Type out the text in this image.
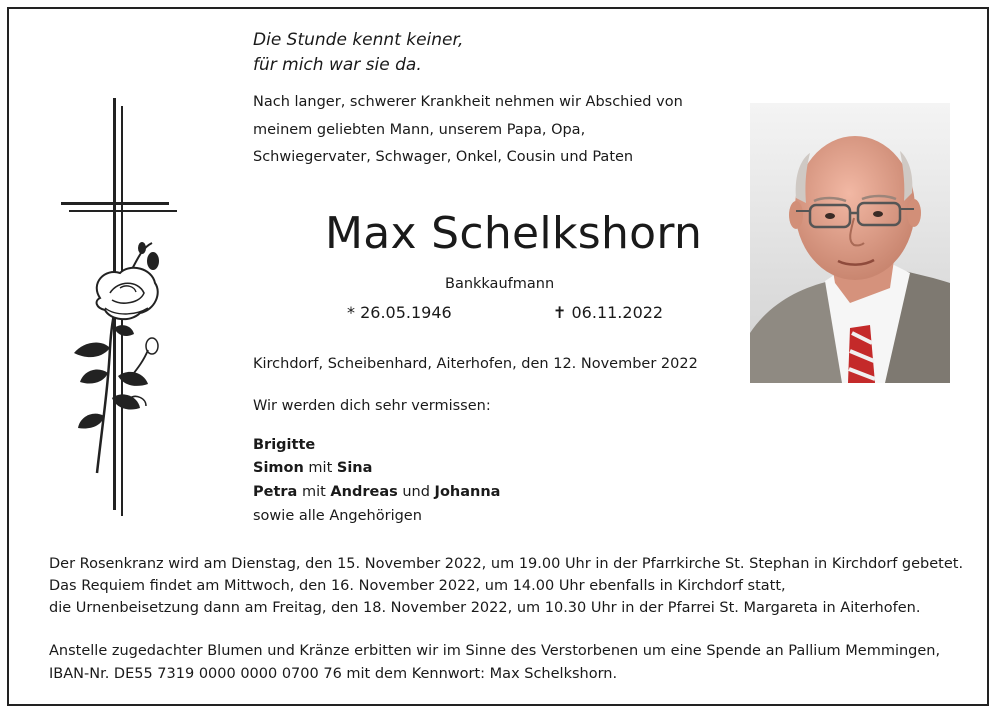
Die Stunde kennt keiner,
für mich war sie da.
Nach langer, schwerer Krankheit nehmen wir Abschied von
meinem geliebten Mann, unserem Papa, Opa,
Schwiegervater, Schwager, Onkel, Cousin und Paten
Max Schelkshorn
Bankkaufmann
* 26.05.1946	✝ 06.11.2022
Kirchdorf, Scheibenhard, Aiterhofen, den 12. November 2022
Wir werden dich sehr vermissen:
Brigitte
Simon mit Sina
Petra mit Andreas und Johanna
sowie alle Angehörigen
Der Rosenkranz wird am Dienstag, den 15. November 2022, um 19.00 Uhr in der Pfarrkirche St. Stephan in Kirchdorf gebetet.
Das Requiem findet am Mittwoch, den 16. November 2022, um 14.00 Uhr ebenfalls in Kirchdorf statt,
die Urnenbeisetzung dann am Freitag, den 18. November 2022, um 10.30 Uhr in der Pfarrei St. Margareta in Aiterhofen.
Anstelle zugedachter Blumen und Kränze erbitten wir im Sinne des Verstorbenen um eine Spende an Pallium Memmingen,
IBAN-Nr. DE55 7319 0000 0000 0700 76 mit dem Kennwort: Max Schelkshorn.
